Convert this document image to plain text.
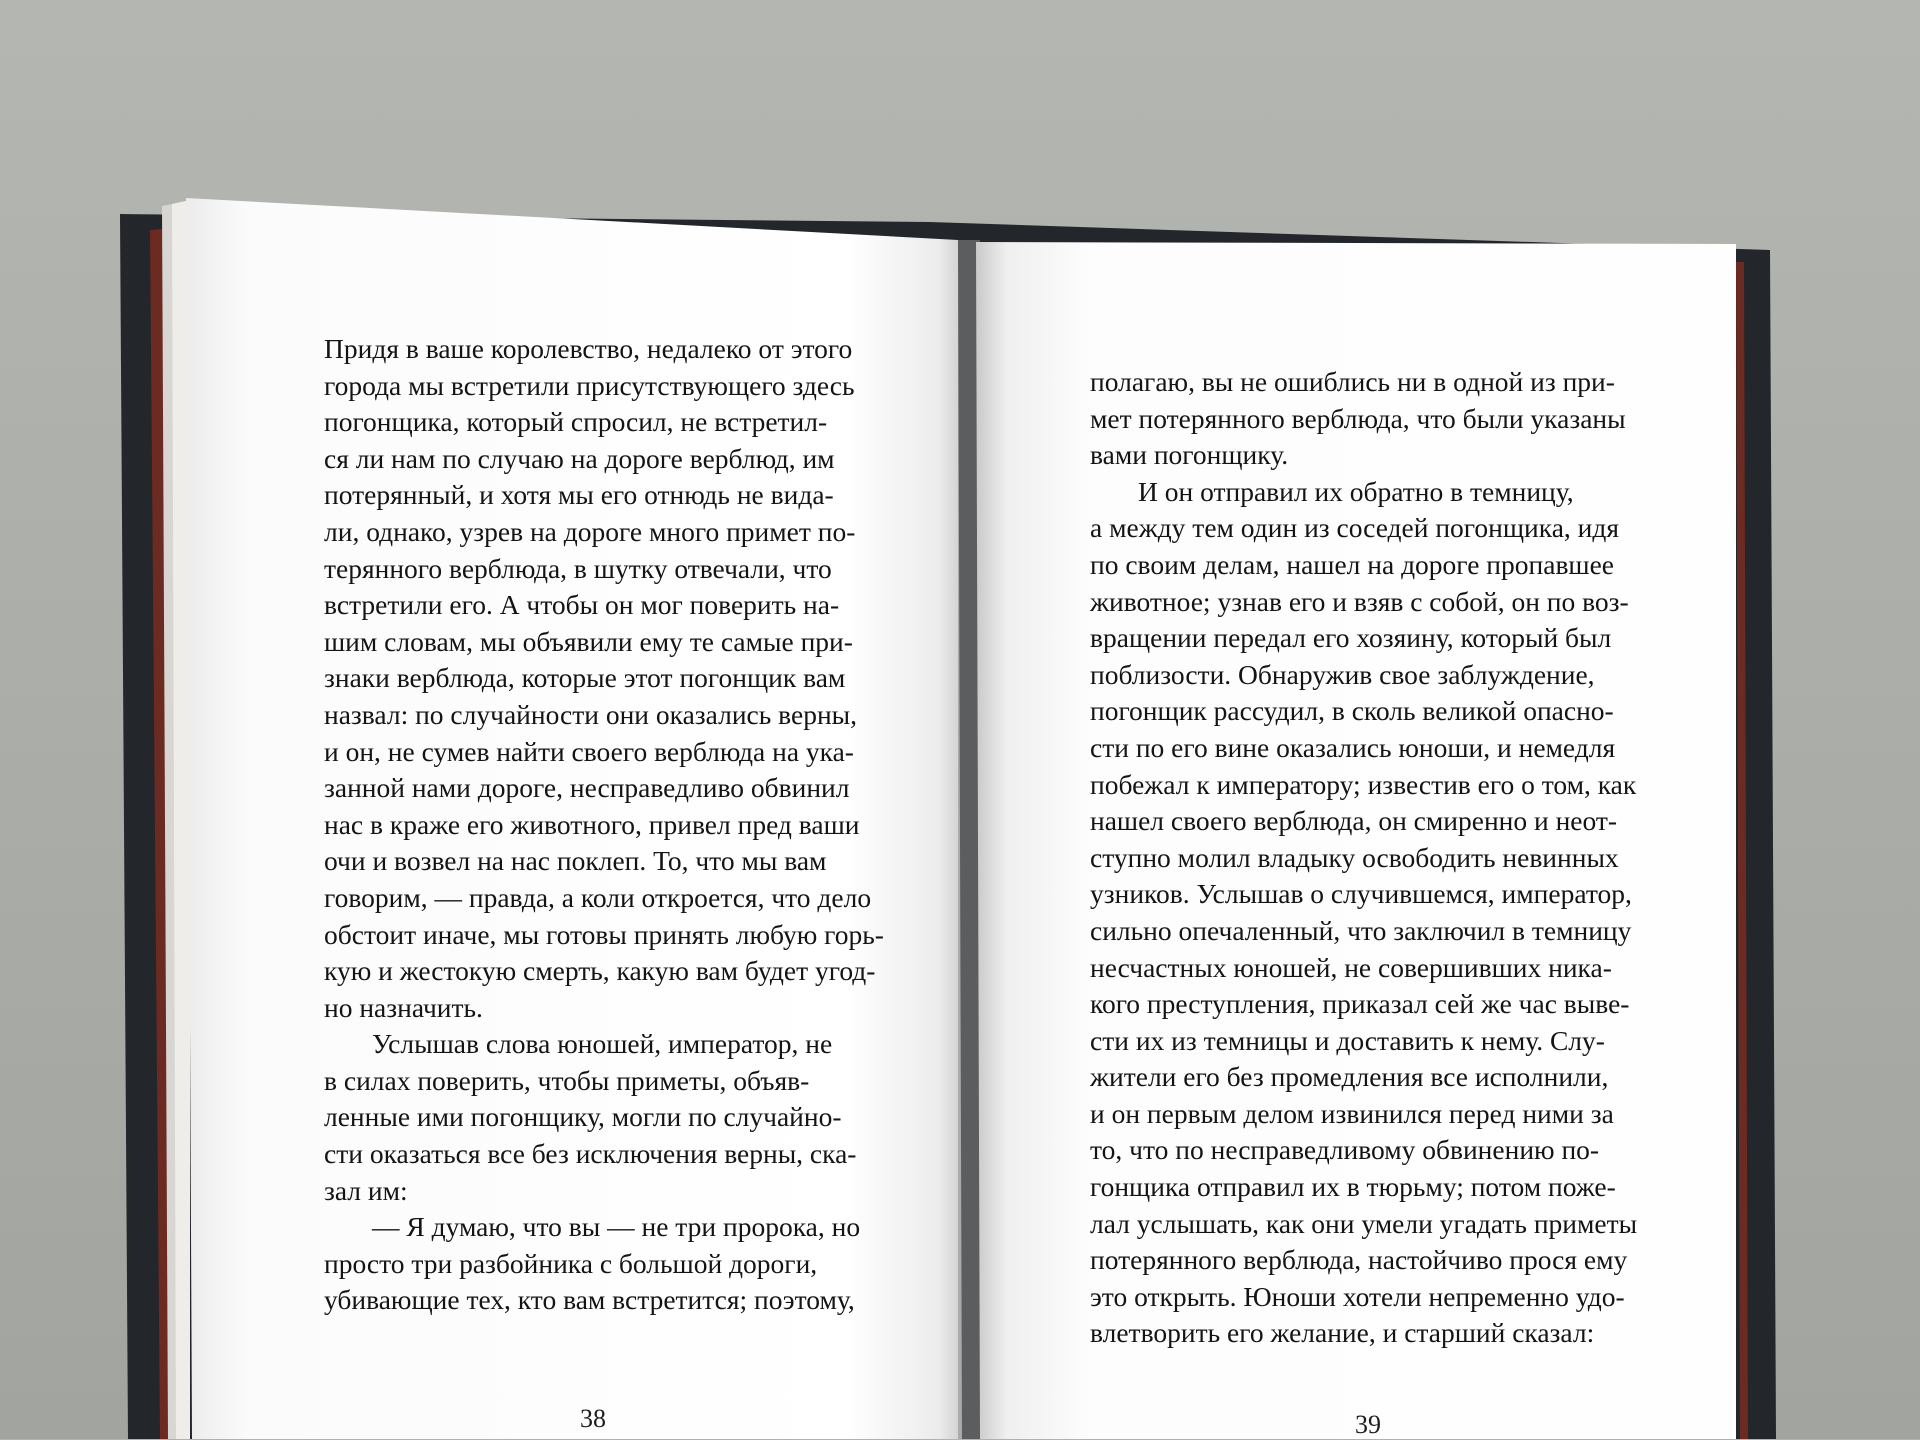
Придя в ваше королевство, недалеко от этого
города мы встретили присутствующего здесь
погонщика, который спросил, не встретил-
ся ли нам по случаю на дороге верблюд, им
потерянный, и хотя мы его отнюдь не вида-
ли, однако, узрев на дороге много примет по-
терянного верблюда, в шутку отвечали, что
встретили его. А чтобы он мог поверить на-
шим словам, мы объявили ему те самые при-
знаки верблюда, которые этот погонщик вам
назвал: по случайности они оказались верны,
и он, не сумев найти своего верблюда на ука-
занной нами дороге, несправедливо обвинил
нас в краже его животного, привел пред ваши
очи и возвел на нас поклеп. То, что мы вам
говорим, — правда, а коли откроется, что дело
обстоит иначе, мы готовы принять любую горь-
кую и жестокую смерть, какую вам будет угод-
но назначить.
Услышав слова юношей, император, не
в силах поверить, чтобы приметы, объяв-
ленные ими погонщику, могли по случайно-
сти оказаться все без исключения верны, ска-
зал им:
— Я думаю, что вы — не три пророка, но
просто три разбойника с большой дороги,
убивающие тех, кто вам встретится; поэтому,
полагаю, вы не ошиблись ни в одной из при-
мет потерянного верблюда, что были указаны
вами погонщику.
И он отправил их обратно в темницу,
а между тем один из соседей погонщика, идя
по своим делам, нашел на дороге пропавшее
животное; узнав его и взяв с собой, он по воз-
вращении передал его хозяину, который был
поблизости. Обнаружив свое заблуждение,
погонщик рассудил, в сколь великой опасно-
сти по его вине оказались юноши, и немедля
побежал к императору; известив его о том, как
нашел своего верблюда, он смиренно и неот-
ступно молил владыку освободить невинных
узников. Услышав о случившемся, император,
сильно опечаленный, что заключил в темницу
несчастных юношей, не совершивших ника-
кого преступления, приказал сей же час выве-
сти их из темницы и доставить к нему. Слу-
жители его без промедления все исполнили,
и он первым делом извинился перед ними за
то, что по несправедливому обвинению по-
гонщика отправил их в тюрьму; потом поже-
лал услышать, как они умели угадать приметы
потерянного верблюда, настойчиво прося ему
это открыть. Юноши хотели непременно удо-
влетворить его желание, и старший сказал:
38	39
